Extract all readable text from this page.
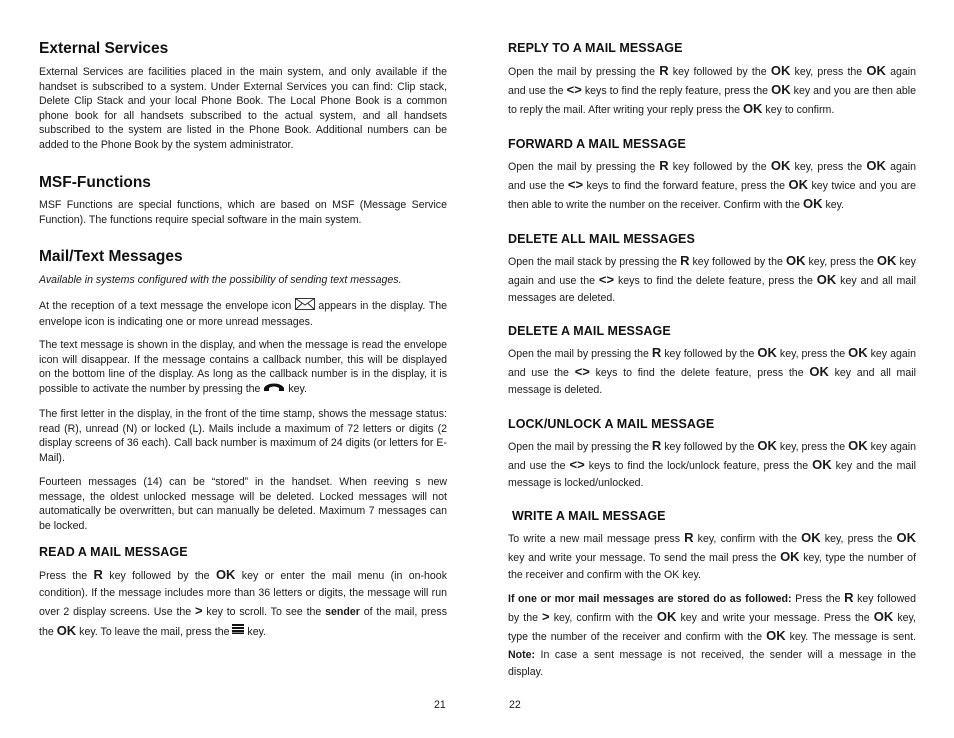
External Services
External Services are facilities placed in the main system, and only available if the handset is subscribed to a system. Under External Services you can find: Clip stack, Delete Clip Stack and your local Phone Book. The Local Phone Book is a common phone book for all handsets subscribed to the actual system, and all handsets subscribed to the system are listed in the Phone Book. Additional numbers can be added to the Phone Book by the system administrator.
MSF-Functions
MSF Functions are special functions, which are based on MSF (Message Service Function). The functions require special software in the main system.
Mail/Text Messages
Available in systems configured with the possibility of sending text messages.
At the reception of a text message the envelope icon	appears in the display. The envelope icon is indicating one or more unread messages.
The text message is shown in the display, and when the message is read the envelope icon will disappear. If the message contains a callback number, this will be displayed on the bottom line of the display. As long as the callback number is in the display, it is possible to activate the number by pressing the	key.
The first letter in the display, in the front of the time stamp, shows the message status: read (R), unread (N) or locked (L). Mails include a maximum of 72 letters or digits (2 display screens of 36 each). Call back number is maximum of 24 digits (or letters for E-Mail).
Fourteen messages (14) can be “stored” in the handset. When reeving s new message, the oldest unlocked message will be deleted. Locked messages will not automatically be overwritten, but can manually be deleted. Maximum 7 messages can be locked.
READ A MAIL MESSAGE
Press the R key followed by the OK key or enter the mail menu (in on-hook condition). If the message includes more than 36 letters or digits, the message will run over 2 display screens. Use the > key to scroll. To see the sender of the mail, press the OK key. To leave the mail, press the key.
21
REPLY TO A MAIL MESSAGE
Open the mail by pressing the R key followed by the OK key, press the OK again and use the <> keys to find the reply feature, press the OK key and you are then able to reply the mail. After writing your reply press the OK key to confirm.
FORWARD A MAIL MESSAGE
Open the mail by pressing the R key followed by the OK key, press the OK again and use the <> keys to find the forward feature, press the OK key twice and you are then able to write the number on the receiver. Confirm with the OK key.
DELETE ALL MAIL MESSAGES
Open the mail stack by pressing the R key followed by the OK key, press the OK key again and use the <> keys to find the delete feature, press the OK key and all mail messages are deleted.
DELETE A MAIL MESSAGE
Open the mail by pressing the R key followed by the OK key, press the OK key again and use the <> keys to find the delete feature, press the OK key and all mail message is deleted.
LOCK/UNLOCK A MAIL MESSAGE
Open the mail by pressing the R key followed by the OK key, press the OK key again and use the <> keys to find the lock/unlock feature, press the OK key and the mail message is locked/unlocked.
WRITE A MAIL MESSAGE
To write a new mail message press R key, confirm with the OK key, press the OK key and write your message. To send the mail press the OK key, type the number of the receiver and confirm with the OK key.
If one or mor mail messages are stored do as followed: Press the R key followed by the > key, confirm with the OK key and write your message. Press the OK key, type the number of the receiver and confirm with the OK key. The message is sent. Note: In case a sent message is not received, the sender will a message in the display.
22
